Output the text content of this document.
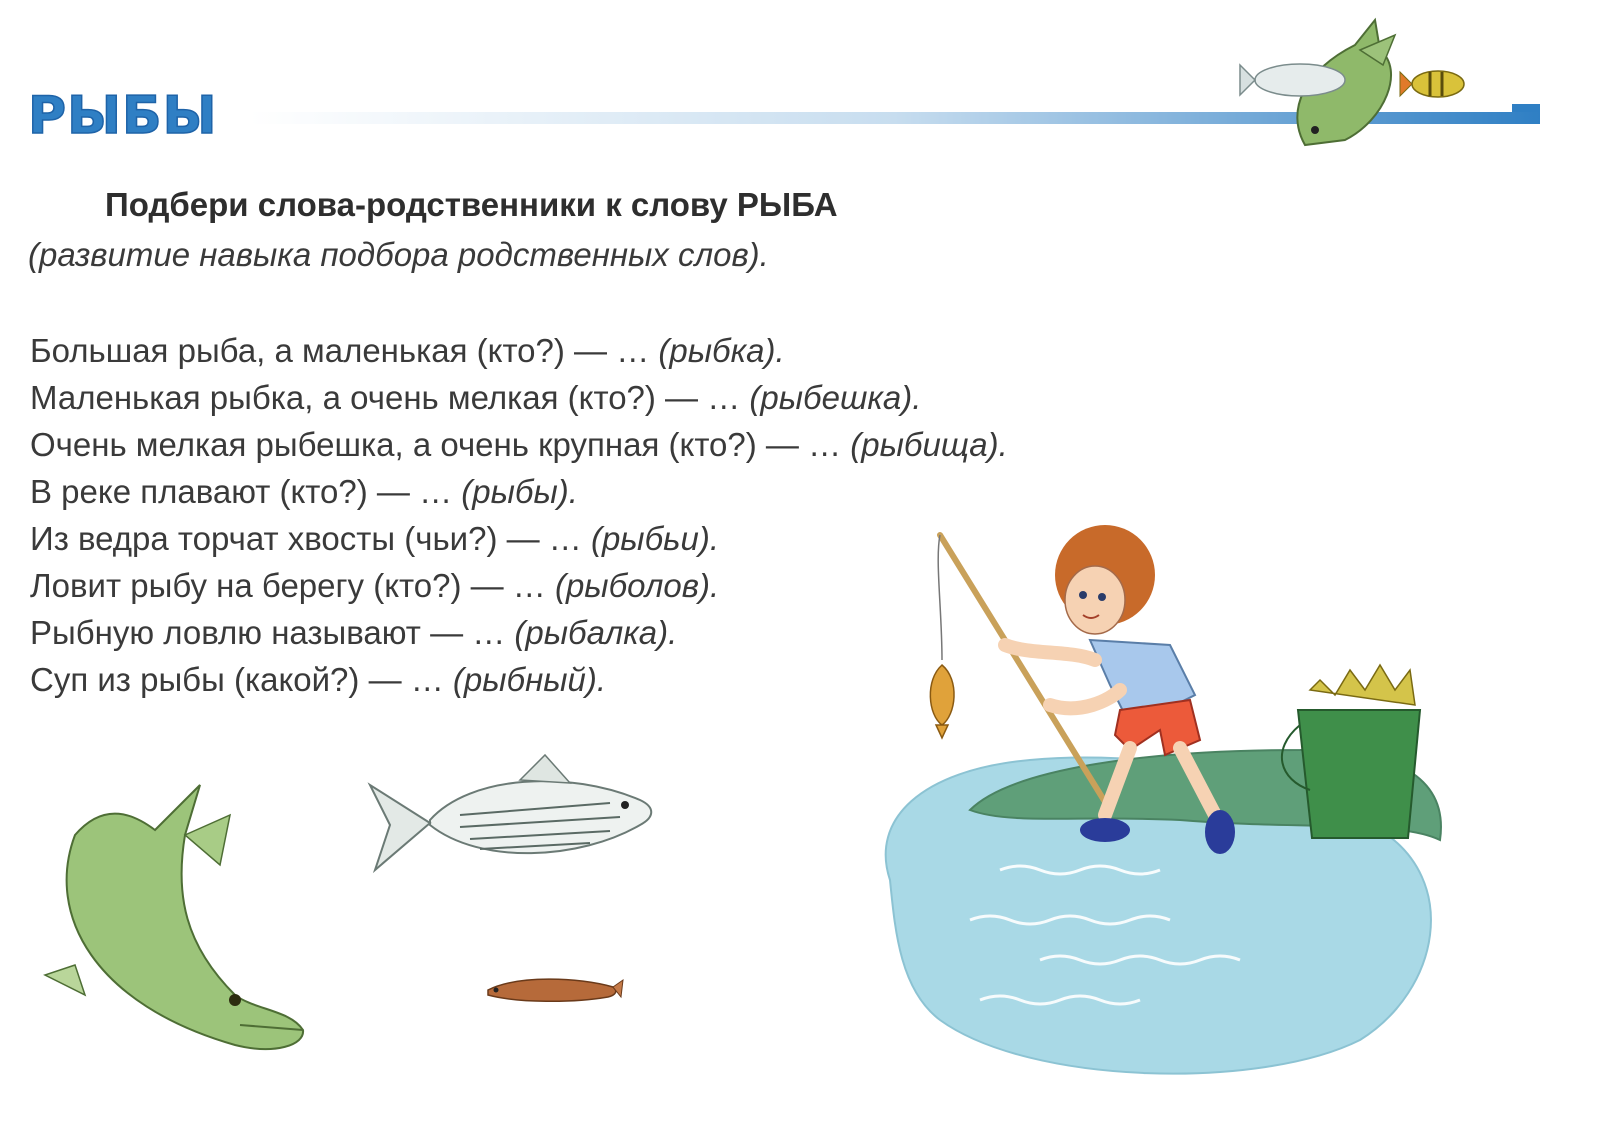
РЫБЫ
Подбери слова-родственники к слову РЫБА
(развитие навыка подбора родственных слов).
Большая рыба, а маленькая (кто?) — … (рыбка).
Маленькая рыбка, а очень мелкая (кто?) — … (рыбешка).
Очень мелкая рыбешка, а очень крупная (кто?) — … (рыбища).
В реке плавают (кто?) — … (рыбы).
Из ведра торчат хвосты (чьи?) — … (рыбьи).
Ловит рыбу на берегу (кто?) — … (рыболов).
Рыбную ловлю называют — … (рыбалка).
Суп из рыбы (какой?) — … (рыбный).
